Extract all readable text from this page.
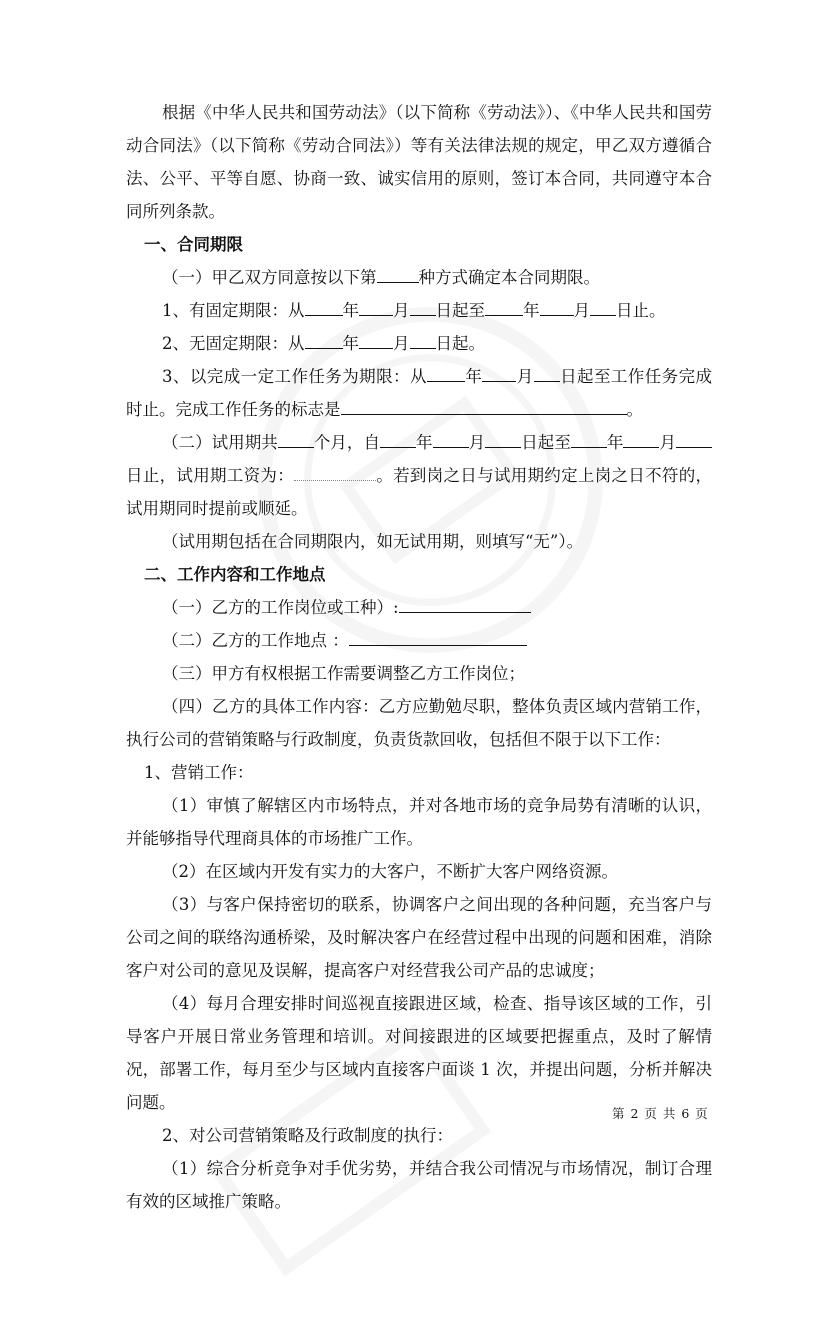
根据《中华人民共和国劳动法》（以下简称《劳动法》）、《中华人民共和国劳动合同法》（以下简称《劳动合同法》）等有关法律法规的规定，甲乙双方遵循合法、公平、平等自愿、协商一致、诚实信用的原则，签订本合同，共同遵守本合同所列条款。

一、合同期限

（一）甲乙双方同意按以下第	种方式确定本合同期限。

1、有固定期限：从 年 月 日起至 年 月 日止。

2、无固定期限：从 年 月 日起。

3、以完成一定工作任务为期限：从 年 月 日起至工作任务完成时止。完成工作任务的标志是	。

（二）试用期共 个月，自 年 月 日起至 年 月日止，试用期工资为：	。若到岗之日与试用期约定上岗之日不符的，试用期同时提前或顺延。

（试用期包括在合同期限内，如无试用期，则填写“无”）。

二、工作内容和工作地点

（一）乙方的工作岗位或工种）:

（二）乙方的工作地点 ：

（三）甲方有权根据工作需要调整乙方工作岗位；

（四）乙方的具体工作内容：乙方应勤勉尽职，整体负责区域内营销工作，执行公司的营销策略与行政制度，负责货款回收，包括但不限于以下工作：

1、营销工作：

（1）审慎了解辖区内市场特点，并对各地市场的竞争局势有清晰的认识，并能够指导代理商具体的市场推广工作。

（2）在区域内开发有实力的大客户，不断扩大客户网络资源。

（3）与客户保持密切的联系，协调客户之间出现的各种问题，充当客户与公司之间的联络沟通桥梁，及时解决客户在经营过程中出现的问题和困难，消除客户对公司的意见及误解，提高客户对经营我公司产品的忠诚度；

（4）每月合理安排时间巡视直接跟进区域，检查、指导该区域的工作，引导客户开展日常业务管理和培训。对间接跟进的区域要把握重点，及时了解情况，部署工作，每月至少与区域内直接客户面谈 1 次，并提出问题，分析并解决问题。

2、对公司营销策略及行政制度的执行：

（1）综合分析竞争对手优劣势，并结合我公司情况与市场情况，制订合理有效的区域推广策略。

第 2 页 共 6 页
